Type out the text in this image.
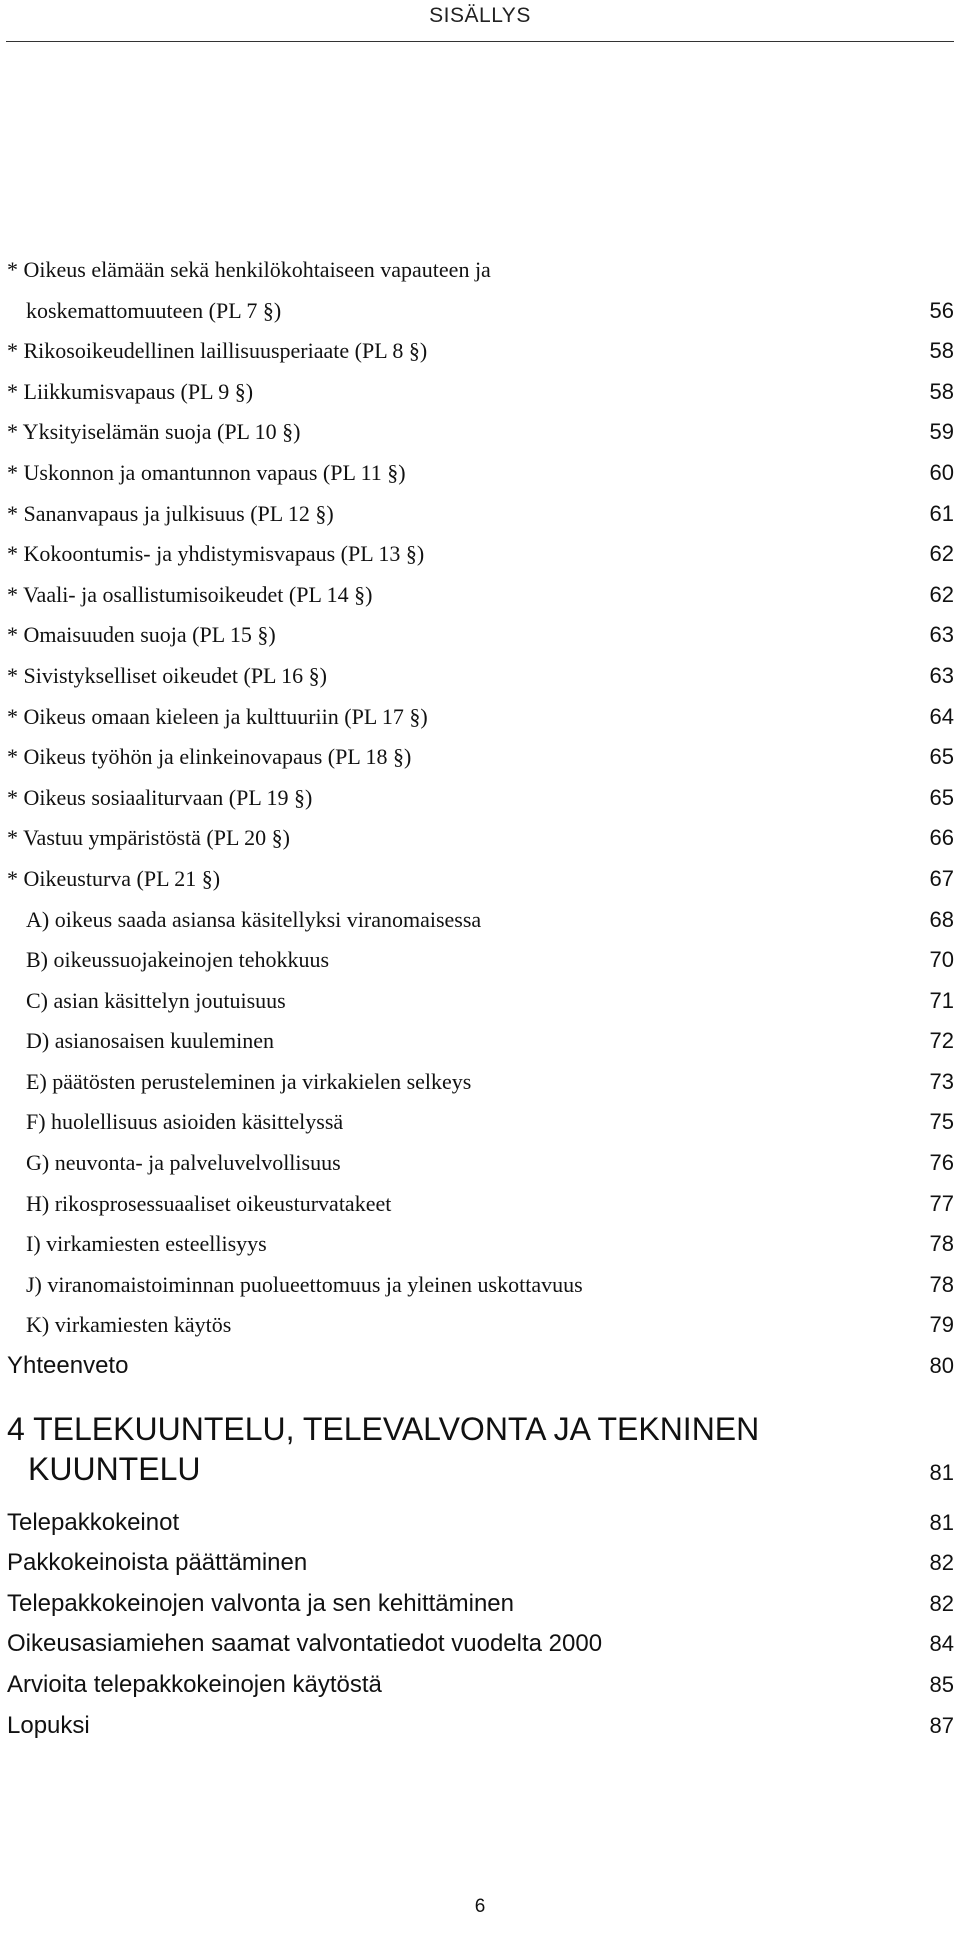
SISÄLLYS
* Oikeus elämään sekä henkilökohtaiseen vapauteen ja
koskemattomuuteen (PL 7 §)	56
* Rikosoikeudellinen laillisuusperiaate (PL 8 §)	58
* Liikkumisvapaus (PL 9 §)	58
* Yksityiselämän suoja (PL 10 §)	59
* Uskonnon ja omantunnon vapaus (PL 11 §)	60
* Sananvapaus ja julkisuus (PL 12 §)	61
* Kokoontumis- ja yhdistymisvapaus (PL 13 §)	62
* Vaali- ja osallistumisoikeudet (PL 14 §)	62
* Omaisuuden suoja (PL 15 §)	63
* Sivistykselliset oikeudet (PL 16 §)	63
* Oikeus omaan kieleen ja kulttuuriin (PL 17 §)	64
* Oikeus työhön ja elinkeinovapaus (PL 18 §)	65
* Oikeus sosiaaliturvaan (PL 19 §)	65
* Vastuu ympäristöstä (PL 20 §)	66
* Oikeusturva (PL 21 §)	67
A) oikeus saada asiansa käsitellyksi viranomaisessa	68
B) oikeussuojakeinojen tehokkuus	70
C) asian käsittelyn joutuisuus	71
D) asianosaisen kuuleminen	72
E) päätösten perusteleminen ja virkakielen selkeys	73
F) huolellisuus asioiden käsittelyssä	75
G) neuvonta- ja palveluvelvollisuus	76
H) rikosprosessuaaliset oikeusturvatakeet	77
I) virkamiesten esteellisyys	78
J) viranomaistoiminnan puolueettomuus ja yleinen uskottavuus	78
K) virkamiesten käytös	79
Yhteenveto	80
4 TELEKUUNTELU, TELEVALVONTA JA TEKNINEN
KUUNTELU	81
Telepakkokeinot	81
Pakkokeinoista päättäminen	82
Telepakkokeinojen valvonta ja sen kehittäminen	82
Oikeusasiamiehen saamat valvontatiedot vuodelta 2000	84
Arvioita telepakkokeinojen käytöstä	85
Lopuksi	87
6
